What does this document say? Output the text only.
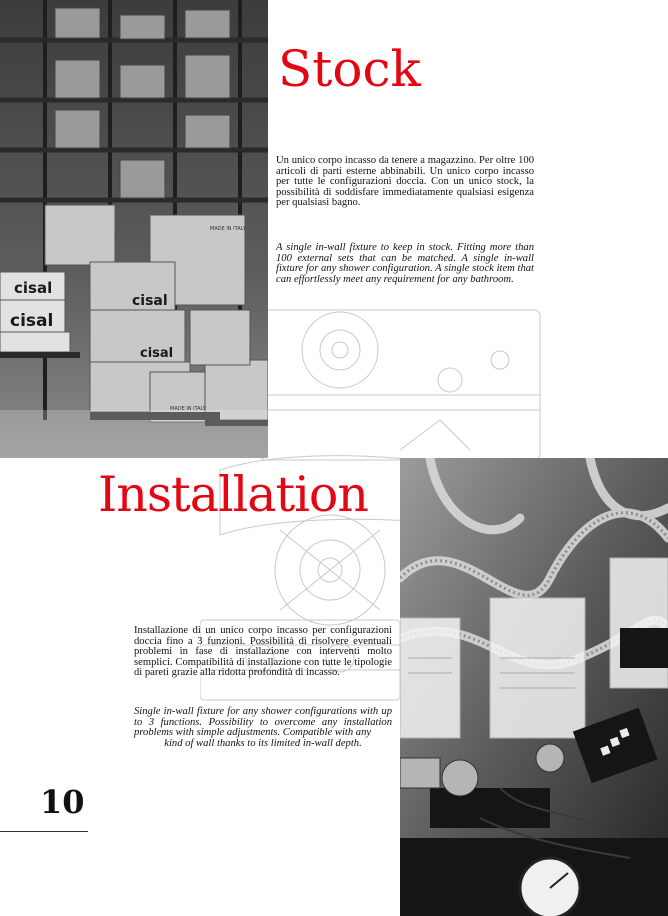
cisal
cisal
cisal
cisal
MADE IN ITALY
MADE IN ITALY
Stock

Un unico corpo incasso da tenere a magazzino. Per oltre 100 articoli di parti esterne abbinabili. Un unico corpo incasso per tutte le configurazioni doccia. Con un unico stock, la possibilità di soddisfare immediatamente qualsiasi esigenza per qualsiasi bagno.

A single in-wall fixture to keep in stock. Fitting more than 100 external sets that can be matched. A single in-wall fixture for any shower configuration. A single stock item that can effortlessly meet any requirement for any bathroom.

Installation

Installazione di un unico corpo incasso per configurazioni doccia fino a 3 funzioni. Possibilità di risolvere eventuali problemi in fase di installazione con interventi molto semplici. Compatibilità di installazione con tutte le tipologie di pareti grazie alla ridotta profondità di incasso.

Single in-wall fixture for any shower configurations with up to 3 functions. Possibility to overcome any installation problems with simple adjustments. Compatible with any
kind of wall thanks to its limited in-wall depth.

10
